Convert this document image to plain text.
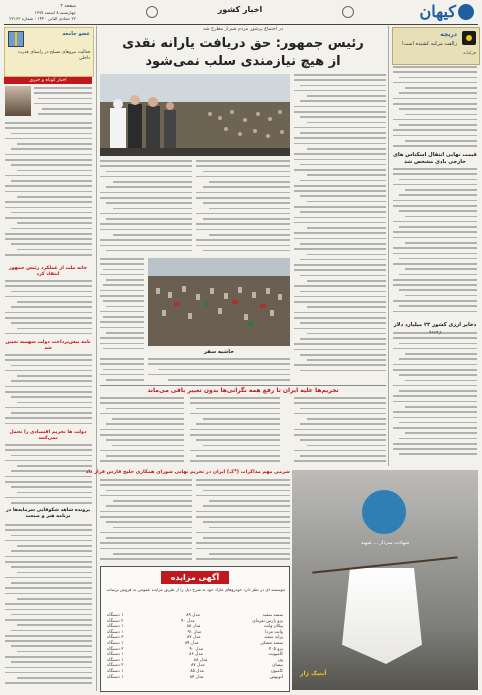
صفحه ۲
چهارشنبه ۸ اسفند ۱۳۹۷
۲۲ جمادی الثانی ۱۴۴۰ - شماره ۲۲۱۶۲
اخبار کشور	کیهان
دریچه
زالفت مرکبه کشیده است!
فرامانه
قیمت نهایی انتقال اسکناس های خارجی بادی مشخص شد
ذخایر ارزی کشور ۲۳ میلیارد دلار
عضو جامعه
فعالیت نیروهای مسلح در راستای قدرت داخلی
اخبار کوتاه و خبری
خانه ملت از عملکرد رئیس جمهور انتقاد کرد
نامه پیش‌پرداخت دولت سهمیه تعیین شد
دولت ها تحریم اقتصادی را تحمل نمی‌کنند
پرونده شاهد شکوفایی سرمایه‌ها در برنامه هنر و صنعت
در اجتماع پرشور مردم شیراز مطرح شد
رئیس جمهور: حق دریافت یارانه نقدی
از هیچ نیازمندی سلب نمی‌شود
حاشیه سفر
تحریم‌ها علیه ایران تا رفع همه نگرانی‌ها بدون تغییر باقی می‌ماند
شرمی مهم مذاکرات (*ک) ایران در تحریم نهایی شورای همکاری خلیج فارس قرار داد
آگهی مزایده
موسسه ای در نظر دارد خودروهای مازاد خود به شرح ذیل را از طریق مزایده عمومی به فروش برساند.
سمند سفید
مدل ۸۹
۱ دستگاه
پژو پارس نقره‌ای
مدل ۹۰
۲ دستگاه
پیکان وانت
مدل ۸۸
۱ دستگاه
وانت مزدا
مدل ۹۱
۱ دستگاه
پراید سفید
مدل ۸۷
۳ دستگاه
سمند مشکی
مدل ۸۹
۱ دستگاه
پژو ۴۰۵
مدل ۹۰
۲ دستگاه
کامیونت
مدل ۸۶
۱ دستگاه
ون
مدل ۸۸
۱ دستگاه
نیسان
مدل ۸۷
۲ دستگاه
کامیون
مدل ۸۵
۱ دستگاه
اتوبوس
مدل ۸۴
۱ دستگاه
شهادت سردار ... شهید
آبنیک ژار
